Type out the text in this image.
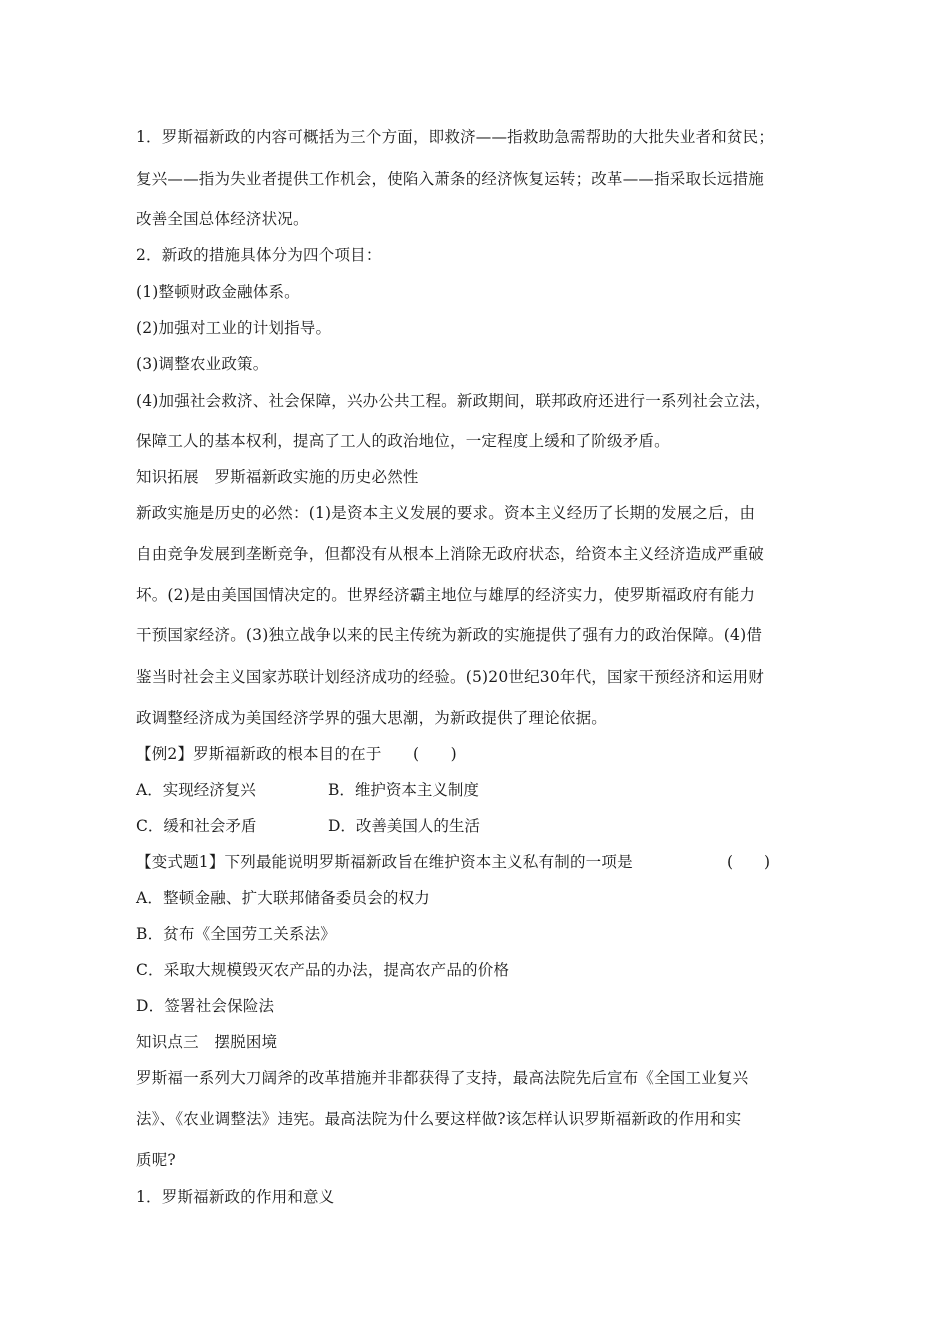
1．罗斯福新政的内容可概括为三个方面，即救济——指救助急需帮助的大批失业者和贫民；
复兴——指为失业者提供工作机会，使陷入萧条的经济恢复运转；改革——指采取长远措施
改善全国总体经济状况。
2．新政的措施具体分为四个项目：
(1)整顿财政金融体系。
(2)加强对工业的计划指导。
(3)调整农业政策。
(4)加强社会救济、社会保障，兴办公共工程。新政期间，联邦政府还进行一系列社会立法，
保障工人的基本权利，提高了工人的政治地位，一定程度上缓和了阶级矛盾。
知识拓展　罗斯福新政实施的历史必然性
新政实施是历史的必然：(1)是资本主义发展的要求。资本主义经历了长期的发展之后，由
自由竞争发展到垄断竞争，但都没有从根本上消除无政府状态，给资本主义经济造成严重破
坏。(2)是由美国国情决定的。世界经济霸主地位与雄厚的经济实力，使罗斯福政府有能力
干预国家经济。(3)独立战争以来的民主传统为新政的实施提供了强有力的政治保障。(4)借
鉴当时社会主义国家苏联计划经济成功的经验。(5)20世纪30年代，国家干预经济和运用财
政调整经济成为美国经济学界的强大思潮，为新政提供了理论依据。
【例2】罗斯福新政的根本目的在于　　(　　)
A．实现经济复兴	B．维护资本主义制度
C．缓和社会矛盾	D．改善美国人的生活
【变式题1】下列最能说明罗斯福新政旨在维护资本主义私有制的一项是	(　　)
A．整顿金融、扩大联邦储备委员会的权力
B．贫布《全国劳工关系法》
C．采取大规模毁灭农产品的办法，提高农产品的价格
D．签署社会保险法
知识点三　摆脱困境
罗斯福一系列大刀阔斧的改革措施并非都获得了支持，最高法院先后宣布《全国工业复兴
法》、《农业调整法》违宪。最高法院为什么要这样做?该怎样认识罗斯福新政的作用和实
质呢?
1．罗斯福新政的作用和意义
